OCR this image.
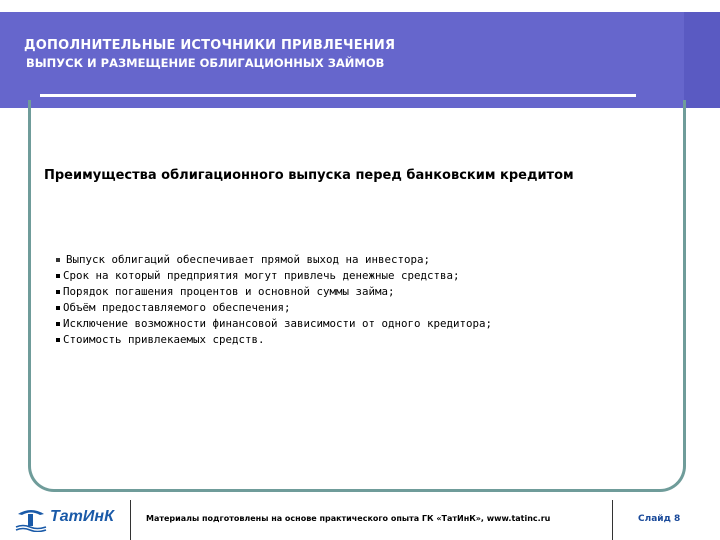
ДОПОЛНИТЕЛЬНЫЕ ИСТОЧНИКИ ПРИВЛЕЧЕНИЯ
ВЫПУСК И РАЗМЕЩЕНИЕ ОБЛИГАЦИОННЫХ ЗАЙМОВ
Преимущества облигационного выпуска перед банковским кредитом
Выпуск облигаций обеспечивает прямой выход на инвестора;
Срок на который предприятия могут привлечь денежные средства;
Порядок погашения процентов и основной суммы займа;
Объём предоставляемого обеспечения;
Исключение возможности финансовой зависимости от одного кредитора;
Стоимость привлекаемых средств.
ТатИнК	Материалы подготовлены на основе практического опыта ГК «ТатИнК», www.tatinc.ru	Слайд 8
